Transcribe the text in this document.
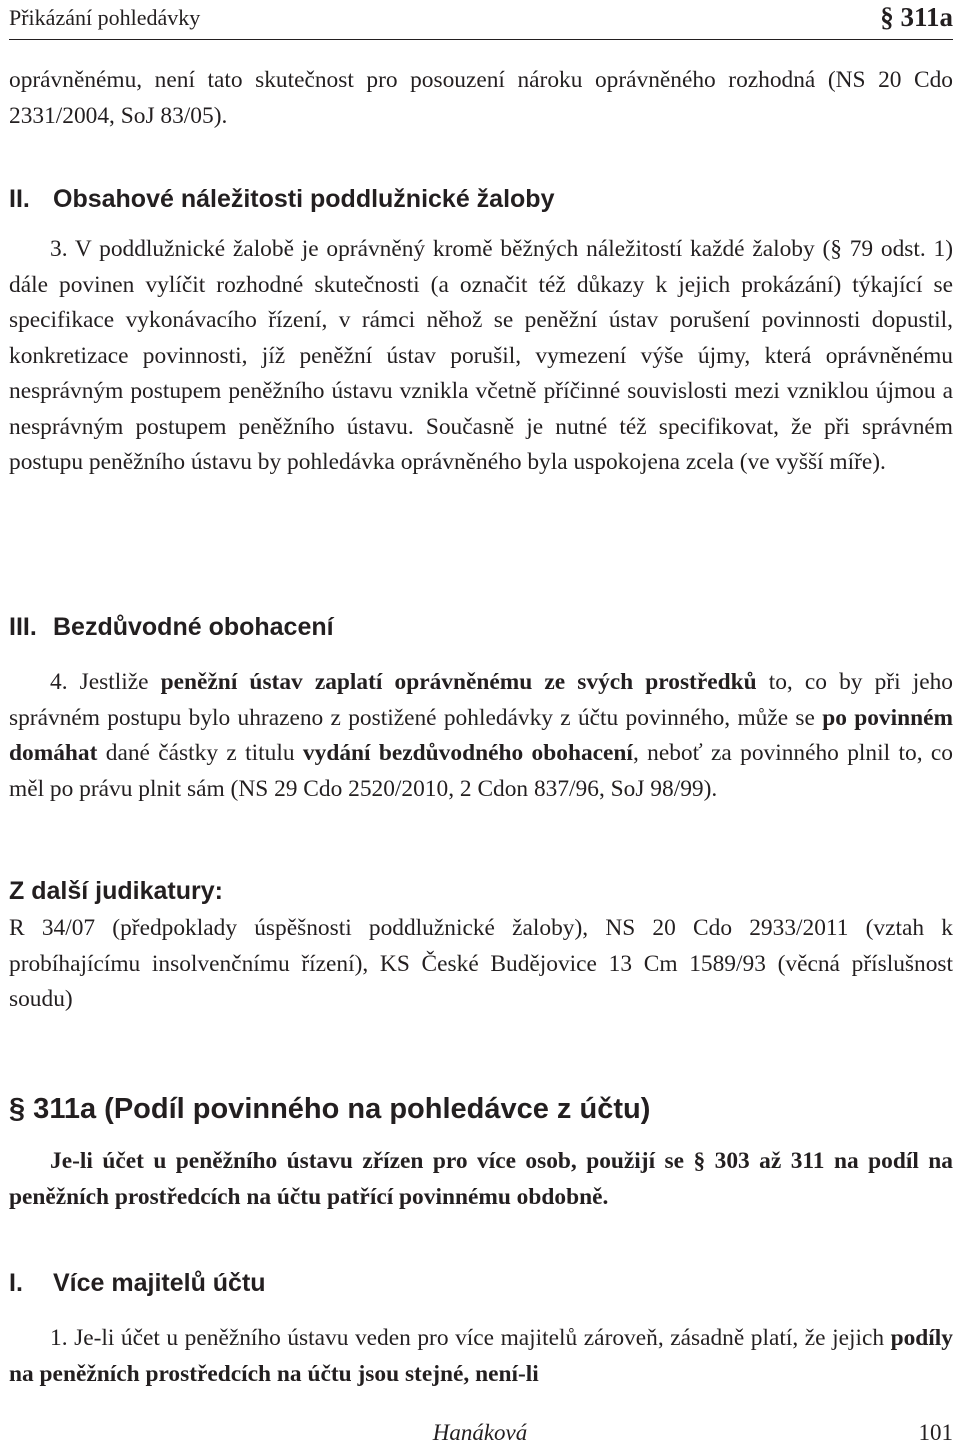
Přikázání pohledávky	§ 311a

oprávněnému, není tato skutečnost pro posouzení nároku oprávněného rozhodná (NS 20 Cdo 2331/2004, SoJ 83/05).

II. Obsahové náležitosti poddlužnické žaloby

3. V poddlužnické žalobě je oprávněný kromě běžných náležitostí každé žaloby (§ 79 odst. 1) dále povinen vylíčit rozhodné skutečnosti (a označit též důkazy k jejich prokázání) týkající se specifikace vykonávacího řízení, v rámci něhož se peněžní ústav porušení povinnosti dopustil, konkretizace povinnosti, jíž peněžní ústav porušil, vymezení výše újmy, která oprávněnému nesprávným postupem peněžního ústavu vznikla včetně příčinné souvislosti mezi vzniklou újmou a nesprávným postupem peněžního ústavu. Současně je nutné též specifikovat, že při správném postupu peněžního ústavu by pohledávka oprávněného byla uspokojena zcela (ve vyšší míře).

III. Bezdůvodné obohacení

4. Jestliže peněžní ústav zaplatí oprávněnému ze svých prostředků to, co by při jeho správném postupu bylo uhrazeno z postižené pohledávky z účtu povinného, může se po povinném domáhat dané částky z titulu vydání bezdůvodného obohacení, neboť za povinného plnil to, co měl po právu plnit sám (NS 29 Cdo 2520/2010, 2 Cdon 837/96, SoJ 98/99).

Z další judikatury:

R 34/07 (předpoklady úspěšnosti poddlužnické žaloby), NS 20 Cdo 2933/2011 (vztah k probíhajícímu insolvenčnímu řízení), KS České Budějovice 13 Cm 1589/93 (věcná příslušnost soudu)

§ 311a (Podíl povinného na pohledávce z účtu)

Je-li účet u peněžního ústavu zřízen pro více osob, použijí se § 303 až 311 na podíl na peněžních prostředcích na účtu patřící povinnému obdobně.

I. Více majitelů účtu

1. Je-li účet u peněžního ústavu veden pro více majitelů zároveň, zásadně platí, že jejich podíly na peněžních prostředcích na účtu jsou stejné, není-li

Hanáková	101
